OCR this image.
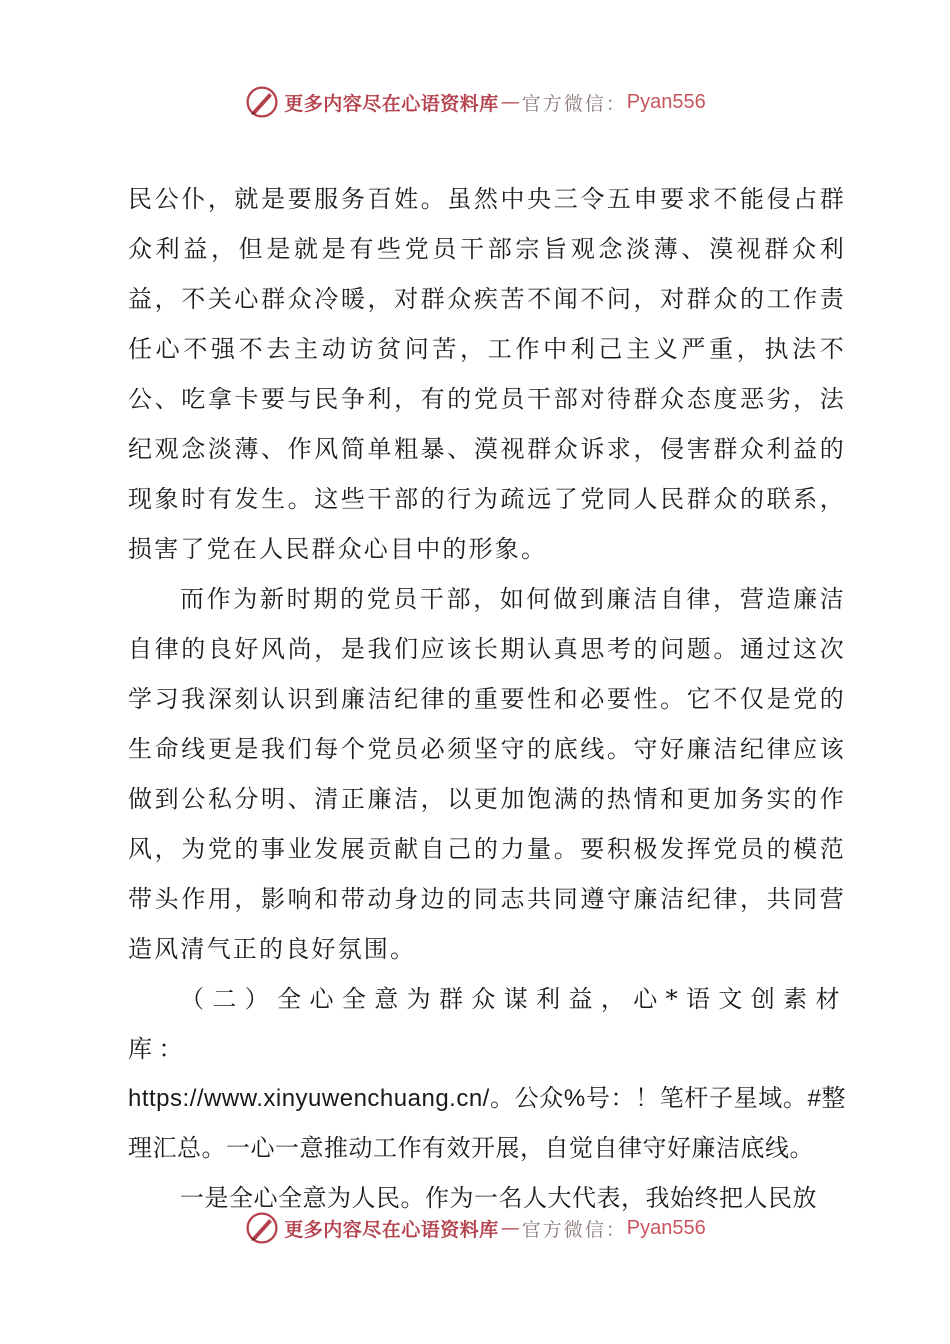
更多内容尽在心语资料库 — 官方微信： Pyan556

民公仆，就是要服务百姓。虽然中央三令五申要求不能侵占群众利益，但是就是有些党员干部宗旨观念淡薄、漠视群众利益，不关心群众冷暖，对群众疾苦不闻不问，对群众的工作责任心不强不去主动访贫问苦，工作中利己主义严重，执法不公、吃拿卡要与民争利，有的党员干部对待群众态度恶劣，法纪观念淡薄、作风简单粗暴、漠视群众诉求，侵害群众利益的现象时有发生。这些干部的行为疏远了党同人民群众的联系，损害了党在人民群众心目中的形象。

而作为新时期的党员干部，如何做到廉洁自律，营造廉洁自律的良好风尚，是我们应该长期认真思考的问题。通过这次学习我深刻认识到廉洁纪律的重要性和必要性。它不仅是党的生命线更是我们每个党员必须坚守的底线。守好廉洁纪律应该做到公私分明、清正廉洁，以更加饱满的热情和更加务实的作风，为党的事业发展贡献自己的力量。要积极发挥党员的模范带头作用，影响和带动身边的同志共同遵守廉洁纪律，共同营造风清气正的良好氛围。

（二）全心全意为群众谋利益，心*语文创素材库：

https://www.xinyuwenchuang.cn/。公众%号：！笔杆子星域。#整理汇总。一心一意推动工作有效开展，自觉自律守好廉洁底线。

一是全心全意为人民。作为一名人大代表，我始终把人民放

更多内容尽在心语资料库 — 官方微信： Pyan556
